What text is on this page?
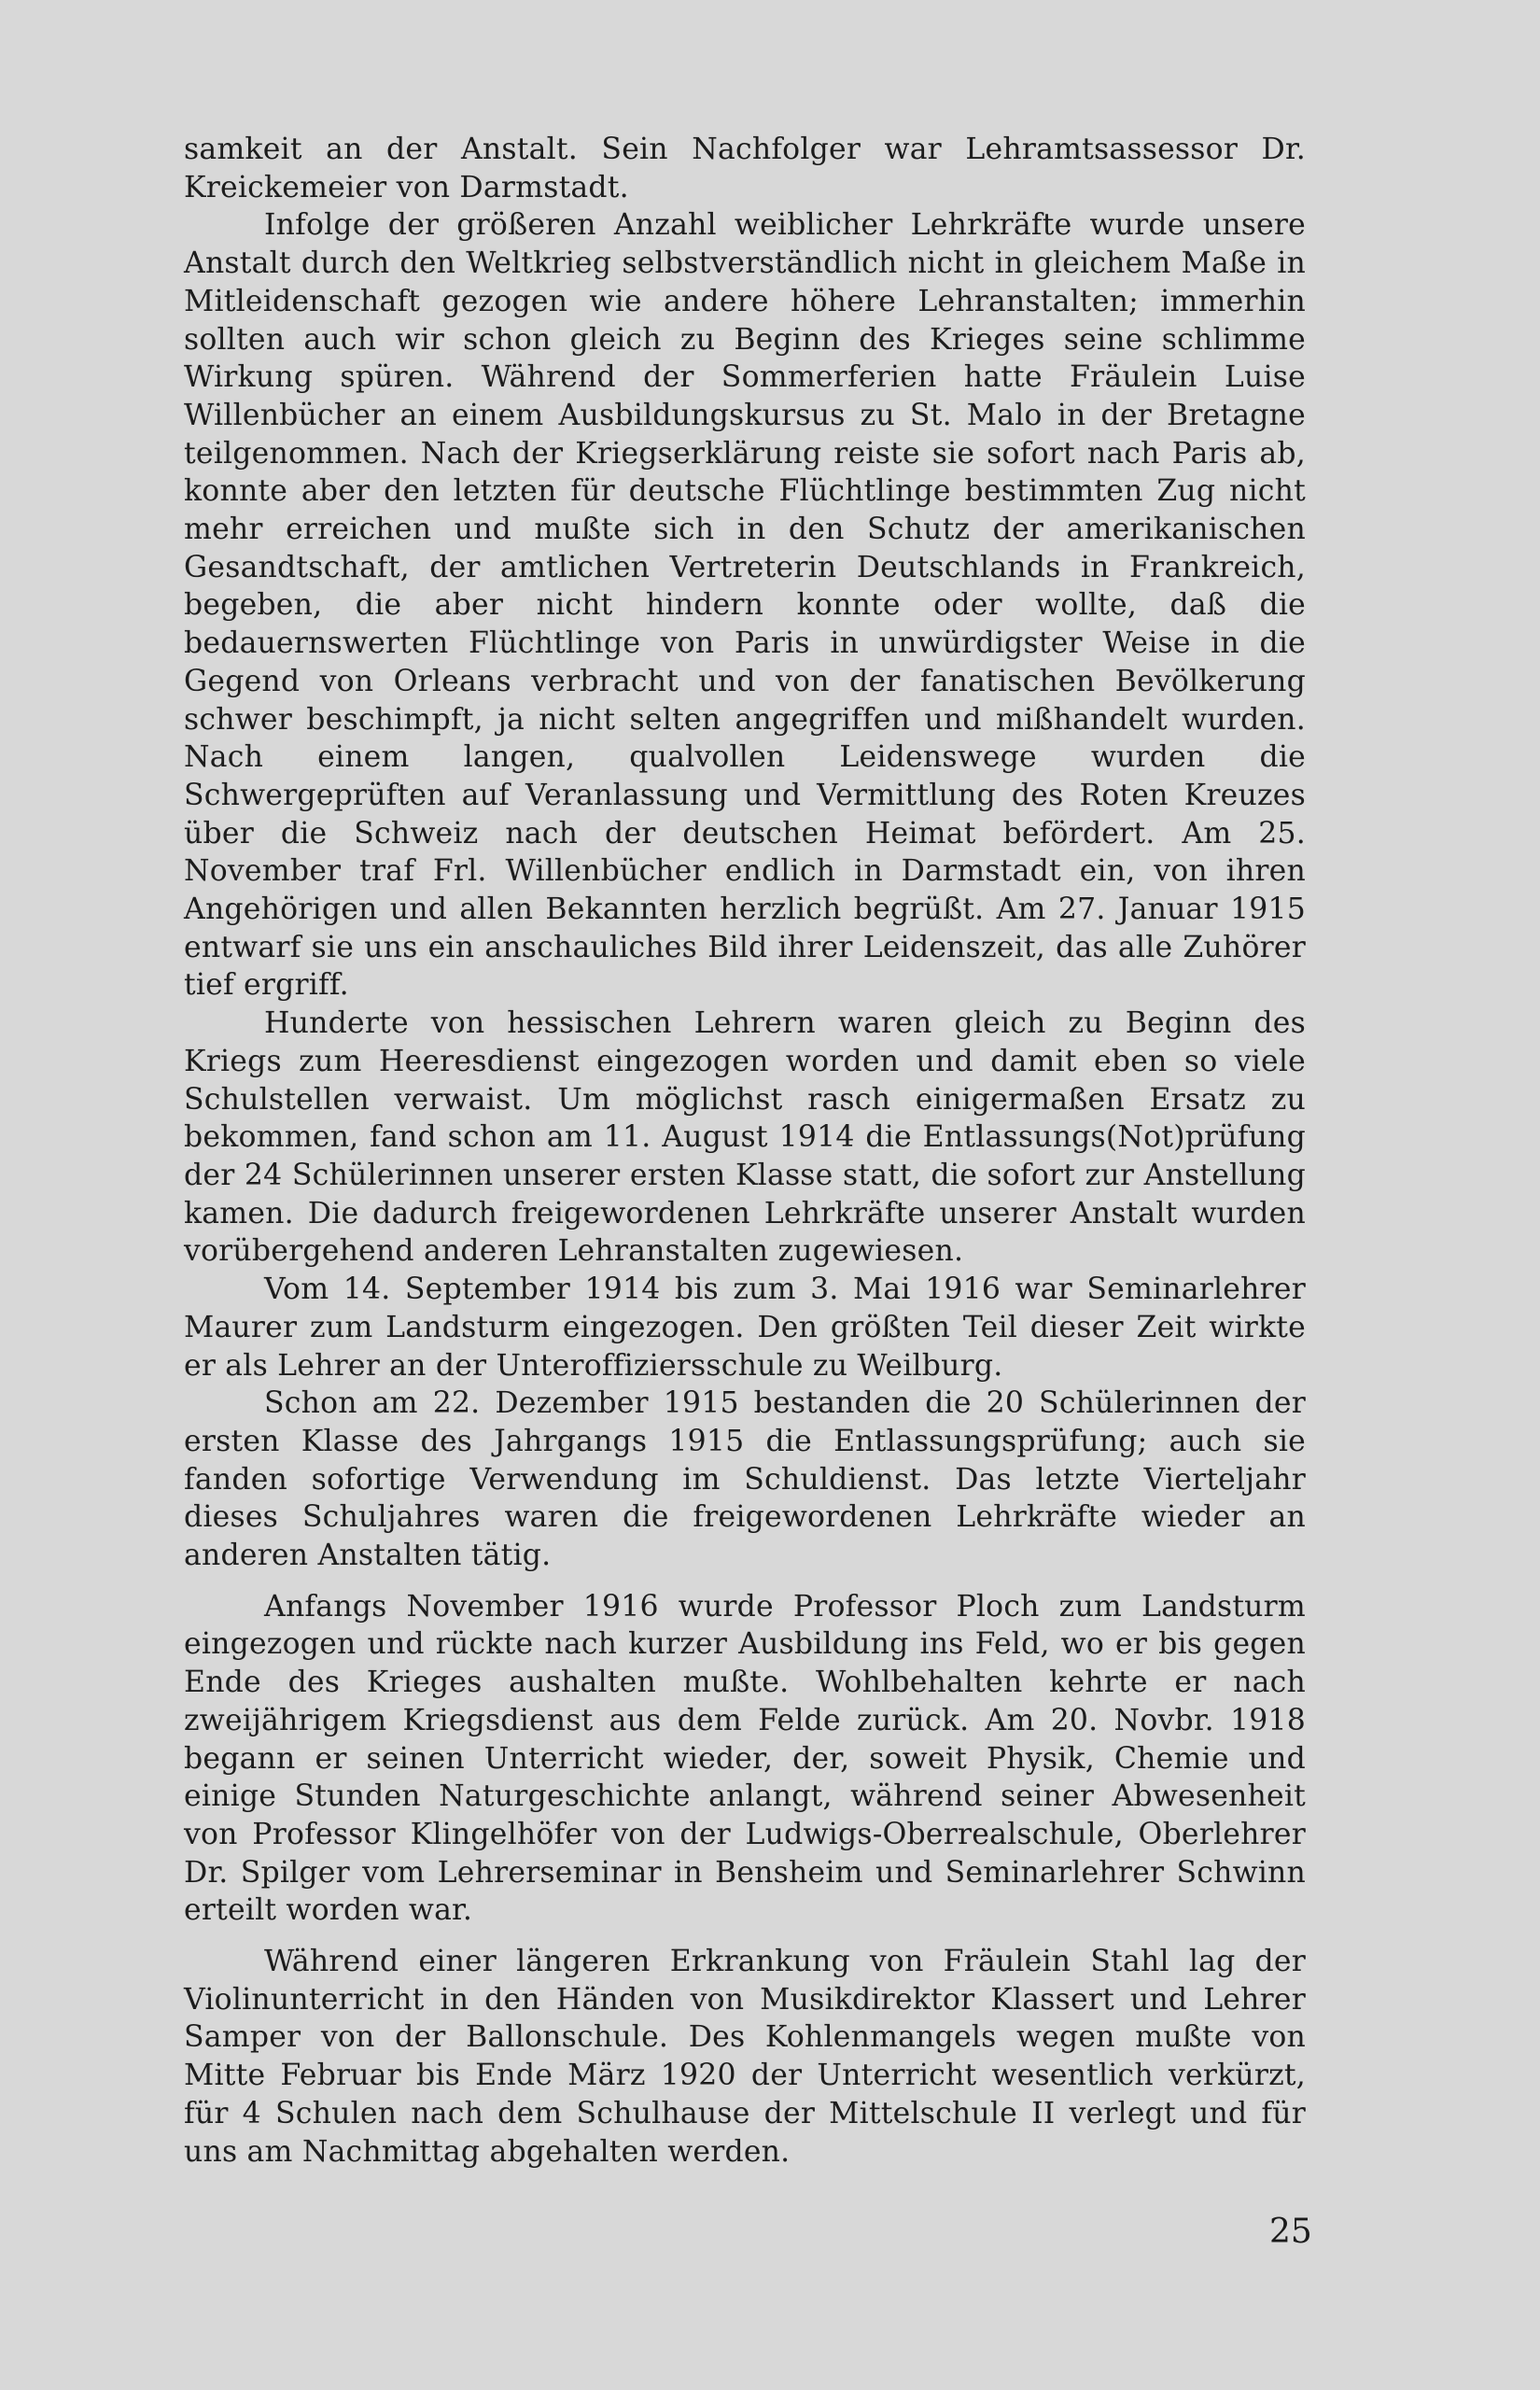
samkeit an der Anstalt. Sein Nachfolger war Lehramtsassessor Dr. Kreickemeier von Darmstadt.

Infolge der größeren Anzahl weiblicher Lehrkräfte wurde unsere Anstalt durch den Weltkrieg selbstverständlich nicht in gleichem Maße in Mitleidenschaft gezogen wie andere höhere Lehranstalten; immerhin sollten auch wir schon gleich zu Beginn des Krieges seine schlimme Wirkung spüren. Während der Sommerferien hatte Fräulein Luise Willenbücher an einem Ausbildungskursus zu St. Malo in der Bretagne teilgenommen. Nach der Kriegserklärung reiste sie sofort nach Paris ab, konnte aber den letzten für deutsche Flüchtlinge bestimmten Zug nicht mehr erreichen und mußte sich in den Schutz der amerikanischen Gesandtschaft, der amtlichen Vertreterin Deutschlands in Frankreich, begeben, die aber nicht hindern konnte oder wollte, daß die bedauernswerten Flüchtlinge von Paris in unwürdigster Weise in die Gegend von Orleans verbracht und von der fanatischen Bevölkerung schwer beschimpft, ja nicht selten angegriffen und mißhandelt wurden. Nach einem langen, qualvollen Leidenswege wurden die Schwergeprüften auf Veranlassung und Vermittlung des Roten Kreuzes über die Schweiz nach der deutschen Heimat befördert. Am 25. November traf Frl. Willenbücher endlich in Darmstadt ein, von ihren Angehörigen und allen Bekannten herzlich begrüßt. Am 27. Januar 1915 entwarf sie uns ein anschauliches Bild ihrer Leidenszeit, das alle Zuhörer tief ergriff.

Hunderte von hessischen Lehrern waren gleich zu Beginn des Kriegs zum Heeresdienst eingezogen worden und damit eben so viele Schulstellen verwaist. Um möglichst rasch einigermaßen Ersatz zu bekommen, fand schon am 11. August 1914 die Entlassungs(Not)prüfung der 24 Schülerinnen unserer ersten Klasse statt, die sofort zur Anstellung kamen. Die dadurch freigewordenen Lehrkräfte unserer Anstalt wurden vorübergehend anderen Lehranstalten zugewiesen.

Vom 14. September 1914 bis zum 3. Mai 1916 war Seminarlehrer Maurer zum Landsturm eingezogen. Den größten Teil dieser Zeit wirkte er als Lehrer an der Unteroffiziersschule zu Weilburg.

Schon am 22. Dezember 1915 bestanden die 20 Schülerinnen der ersten Klasse des Jahrgangs 1915 die Entlassungsprüfung; auch sie fanden sofortige Verwendung im Schuldienst. Das letzte Vierteljahr dieses Schuljahres waren die freigewordenen Lehrkräfte wieder an anderen Anstalten tätig.

Anfangs November 1916 wurde Professor Ploch zum Landsturm eingezogen und rückte nach kurzer Ausbildung ins Feld, wo er bis gegen Ende des Krieges aushalten mußte. Wohlbehalten kehrte er nach zweijährigem Kriegsdienst aus dem Felde zurück. Am 20. Novbr. 1918 begann er seinen Unterricht wieder, der, soweit Physik, Chemie und einige Stunden Naturgeschichte anlangt, während seiner Abwesenheit von Professor Klingelhöfer von der Ludwigs-Oberrealschule, Oberlehrer Dr. Spilger vom Lehrerseminar in Bensheim und Seminarlehrer Schwinn erteilt worden war.

Während einer längeren Erkrankung von Fräulein Stahl lag der Violinunterricht in den Händen von Musikdirektor Klassert und Lehrer Samper von der Ballonschule. Des Kohlenmangels wegen mußte von Mitte Februar bis Ende März 1920 der Unterricht wesentlich verkürzt, für 4 Schulen nach dem Schulhause der Mittelschule II verlegt und für uns am Nachmittag abgehalten werden.

25
